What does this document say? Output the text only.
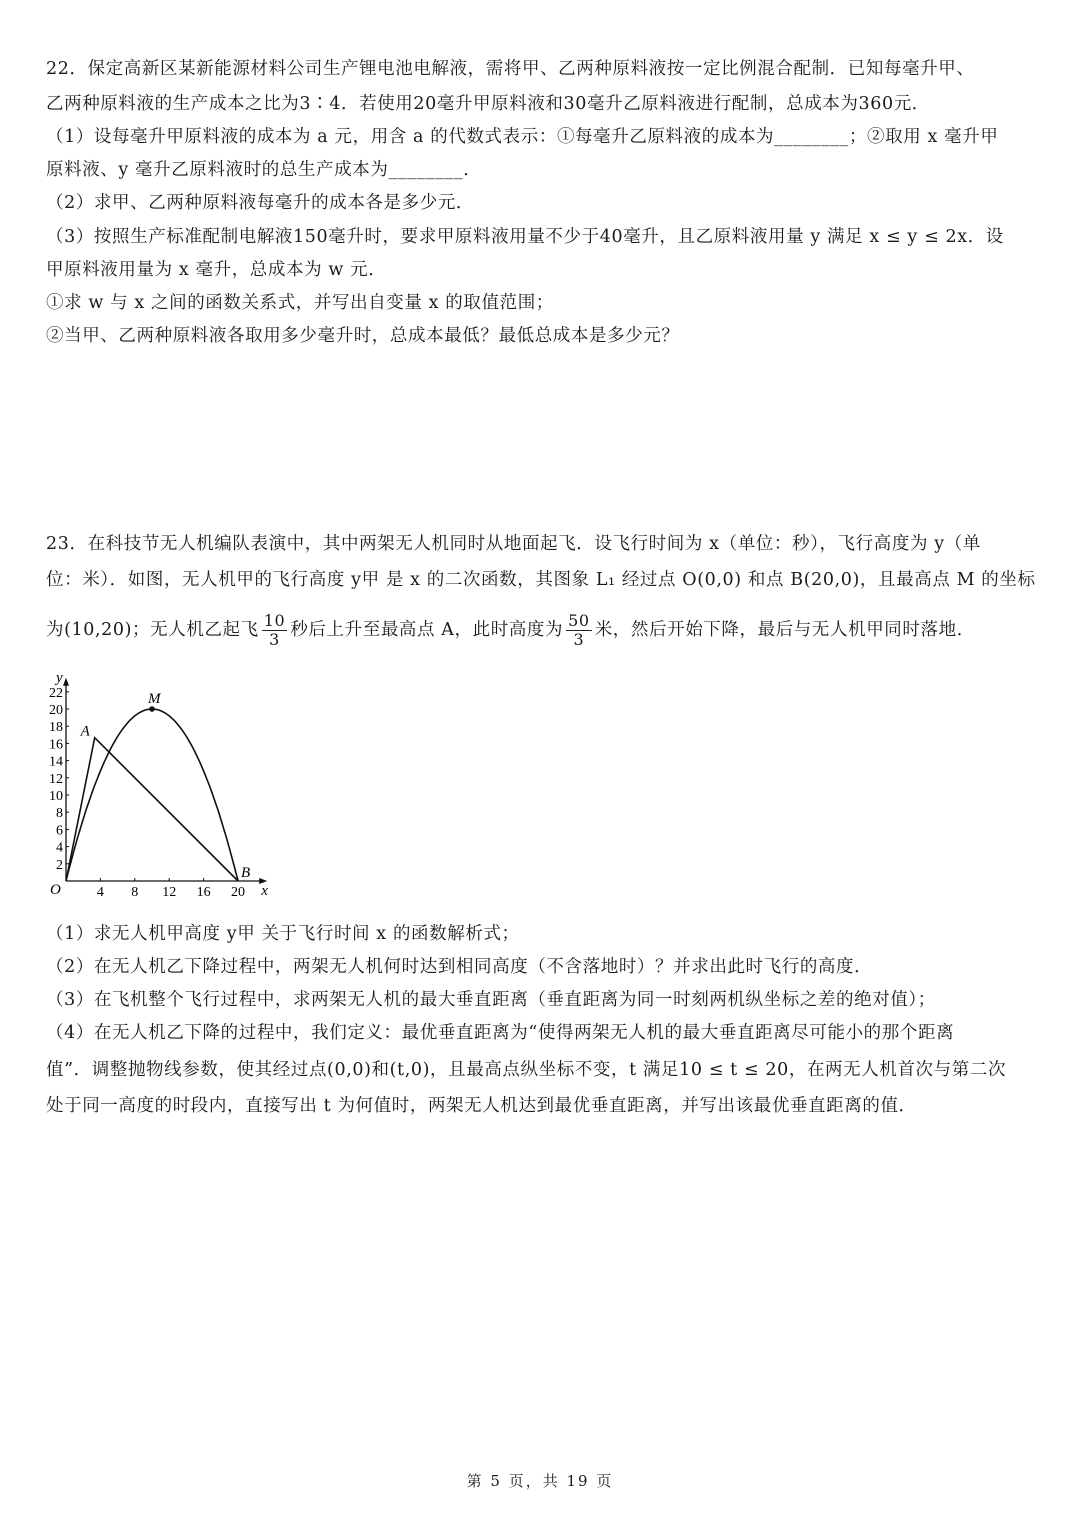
22．保定高新区某新能源材料公司生产锂电池电解液，需将甲、乙两种原料液按一定比例混合配制．已知每毫升甲、
乙两种原料液的生产成本之比为3∶4．若使用20毫升甲原料液和30毫升乙原料液进行配制，总成本为360元．
（1）设每毫升甲原料液的成本为 a 元，用含 a 的代数式表示：①每毫升乙原料液的成本为________；②取用 x 毫升甲
原料液、y 毫升乙原料液时的总生产成本为________．
（2）求甲、乙两种原料液每毫升的成本各是多少元．
（3）按照生产标准配制电解液150毫升时，要求甲原料液用量不少于40毫升，且乙原料液用量 y 满足 x ≤ y ≤ 2x．设
甲原料液用量为 x 毫升，总成本为 w 元．
①求 w 与 x 之间的函数关系式，并写出自变量 x 的取值范围；
②当甲、乙两种原料液各取用多少毫升时，总成本最低？最低总成本是多少元？
23．在科技节无人机编队表演中，其中两架无人机同时从地面起飞．设飞行时间为 x（单位：秒），飞行高度为 y（单
位：米）．如图，无人机甲的飞行高度 y甲 是 x 的二次函数，其图象 L₁ 经过点 O(0,0) 和点 B(20,0)，且最高点 M 的坐标
为(10,20)；无人机乙起飞 $\frac{10}{3}$ 秒后上升至最高点 A，此时高度为 $\frac{50}{3}$ 米，然后开始下降，最后与无人机甲同时落地．
x
y
O	4 8 12 16 20
2
4
6
8
10
12
14
16
18
20
22	M
A
B
（1）求无人机甲高度 y甲 关于飞行时间 x 的函数解析式；
（2）在无人机乙下降过程中，两架无人机何时达到相同高度（不含落地时）？并求出此时飞行的高度．
（3）在飞机整个飞行过程中，求两架无人机的最大垂直距离（垂直距离为同一时刻两机纵坐标之差的绝对值）；
（4）在无人机乙下降的过程中，我们定义：最优垂直距离为“使得两架无人机的最大垂直距离尽可能小的那个距离
值”．调整抛物线参数，使其经过点(0,0)和(t,0)，且最高点纵坐标不变，t 满足10 ≤ t ≤ 20，在两无人机首次与第二次
处于同一高度的时段内，直接写出 t 为何值时，两架无人机达到最优垂直距离，并写出该最优垂直距离的值．
第 5 页，共 19 页
